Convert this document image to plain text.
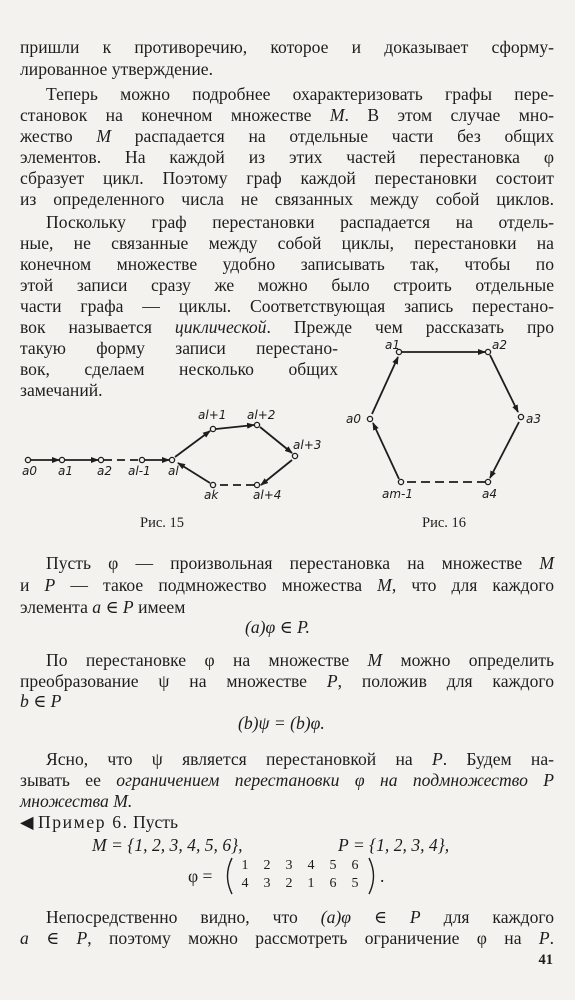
пришли к противоречию, которое и доказывает сформу-
лированное утверждение.
Теперь можно подробнее охарактеризовать графы пере-
становок на конечном множестве M. В этом случае мно-
жество M распадается на отдельные части без общих
элементов. На каждой из этих частей перестановка φ
сбразует цикл. Поэтому граф каждой перестановки состоит
из определенного числа не связанных между собой циклов.
Поскольку граф перестановки распадается на отдель-
ные, не связанные между собой циклы, перестановки на
конечном множестве удобно записывать так, чтобы по
этой записи сразу же можно было строить отдельные
части графа — циклы. Соответствующая запись перестано-
вок называется циклической. Прежде чем рассказать про
такую форму записи перестано-
вок, сделаем несколько общих
замечаний.
a0 a1 a2 al-1 al
al+1 al+2
al+3
ak	al+4
Рис. 15
a1	a2
a3
a4
am-1
a0
Рис. 16
Пусть φ — произвольная перестановка на множестве M
и P — такое подмножество множества M, что для каждого
элемента a ∈ P имеем
(a)φ ∈ P.
По перестановке φ на множестве M можно определить
преобразование ψ на множестве P, положив для каждого
b ∈ P
(b)ψ = (b)φ.
Ясно, что ψ является перестановкой на P. Будем на-
зывать ее ограничением перестановки φ на подмножество P
множества M.
◀ Пример 6. Пусть
M = {1, 2, 3, 4, 5, 6},	P = {1, 2, 3, 4},
φ =
1 2 3 4 5 6
4 3 2 1 6 5	.
Непосредственно видно, что (a)φ ∈ P для каждого
a ∈ P, поэтому можно рассмотреть ограничение φ на P.
41
